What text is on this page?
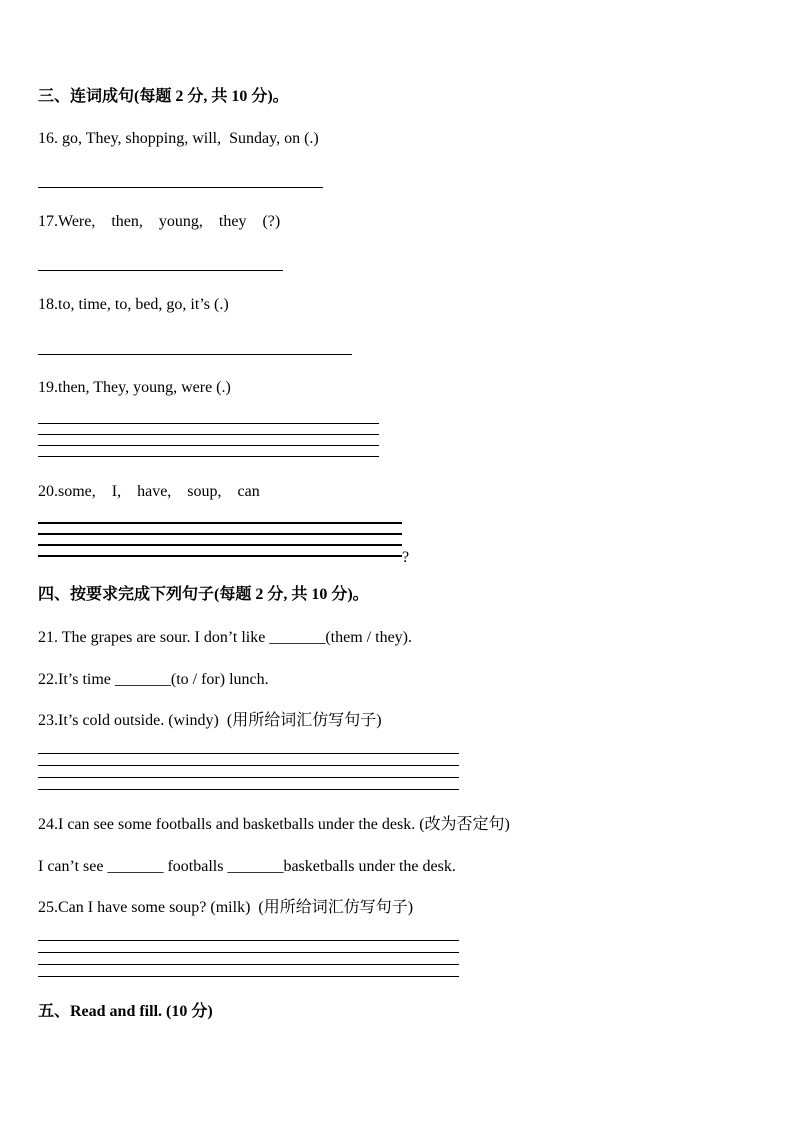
三、连词成句(每题 2 分, 共 10 分)。
16. go, They, shopping, will,  Sunday, on (.)
17.Were,    then,    young,    they    (?)
18.to, time, to, bed, go, it’s (.)
19.then, They, young, were (.)
20.some,    I,    have,    soup,    can
?
四、按要求完成下列句子(每题 2 分, 共 10 分)。
21. The grapes are sour. I don’t like _______(them / they).
22.It’s time _______(to / for) lunch.
23.It’s cold outside. (windy)  (用所给词汇仿写句子)
24.I can see some footballs and basketballs under the desk. (改为否定句)
I can’t see _______ footballs _______basketballs under the desk.
25.Can I have some soup? (milk)  (用所给词汇仿写句子)
五、Read and fill. (10 分)
